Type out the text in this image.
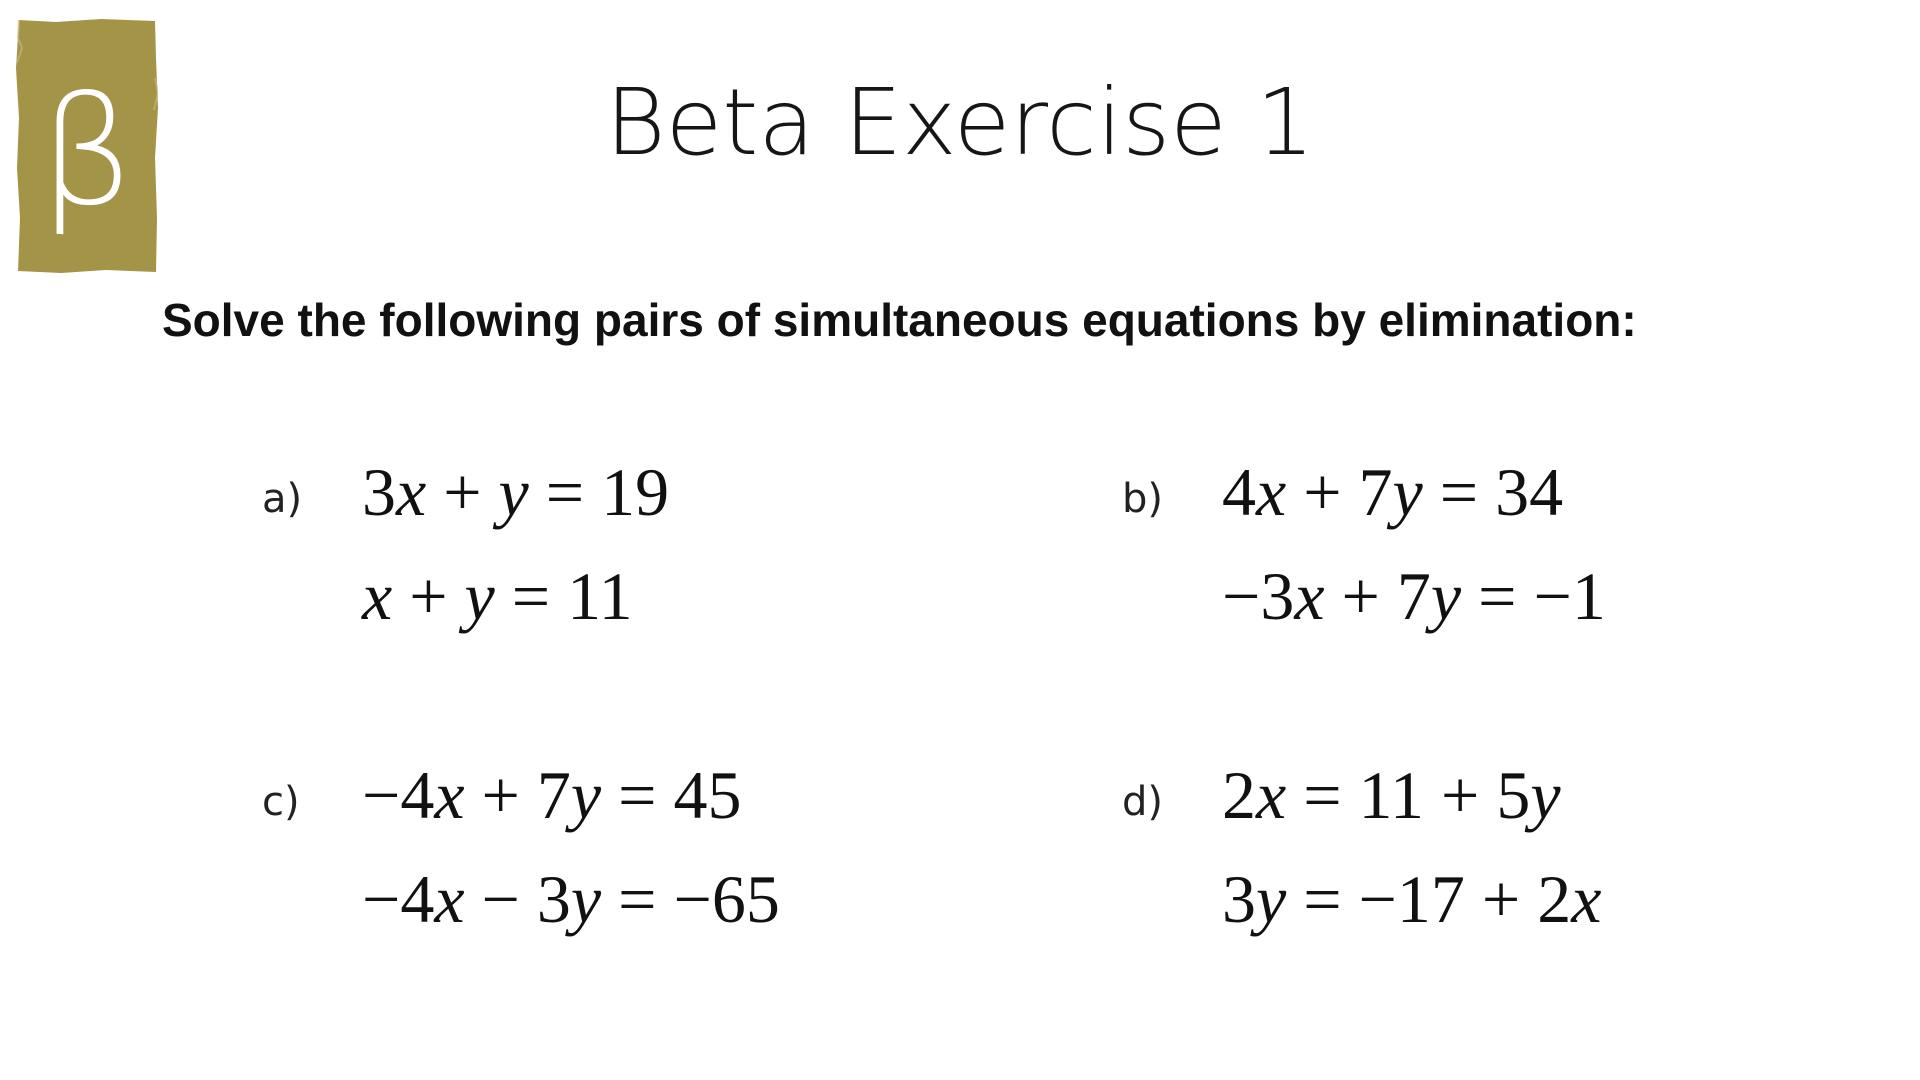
β	Beta Exercise 1
Solve the following pairs of simultaneous equations by elimination:
a) 3x + y = 19
x + y = 11
b) 4x + 7y = 34
−3x + 7y = −1
c) −4x + 7y = 45
−4x − 3y = −65
d) 2x = 11 + 5y
3y = −17 + 2x
